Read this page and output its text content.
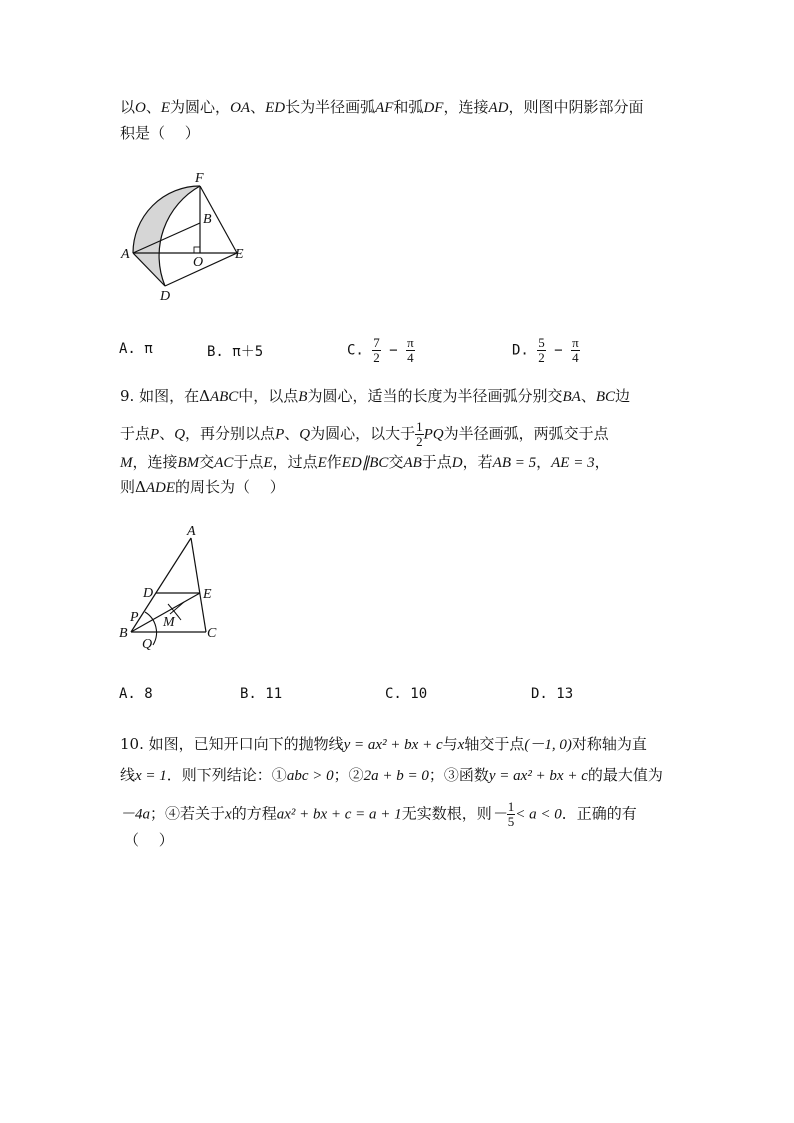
以O、E为圆心，OA、ED长为半径画弧AF和弧DF，连接AD，则图中阴影部分面
积是（　 ）
F
B
A
O
E
D
A. π	B. π＋5	C. $\frac{7}{2} - \frac{\pi}{4}$	D. $\frac{5}{2} - \frac{\pi}{4}$
9. 如图，在ΔABC中，以点B为圆心，适当的长度为半径画弧分别交BA、BC边
于点P、Q，再分别以点P、Q为圆心，以大于 $\frac{1}{2}$ PQ为半径画弧，两弧交于点
M，连接BM交AC于点E，过点E作ED∥BC交AB于点D，若AB = 5，AE = 3，
则ΔADE的周长为（　 ）
A
D	E
P M
B
Q
C
A. 8	B. 11	C. 10	D. 13
10. 如图，已知开口向下的抛物线y = ax² + bx + c与x轴交于点(－1, 0)对称轴为直
线x = 1．则下列结论：①abc > 0；②2a + b = 0；③函数y = ax² + bx + c的最大值为
－4a；④若关于x的方程ax² + bx + c = a + 1无实数根，则－ $\frac{1}{5} < a < 0$．正确的有
（　 ）
